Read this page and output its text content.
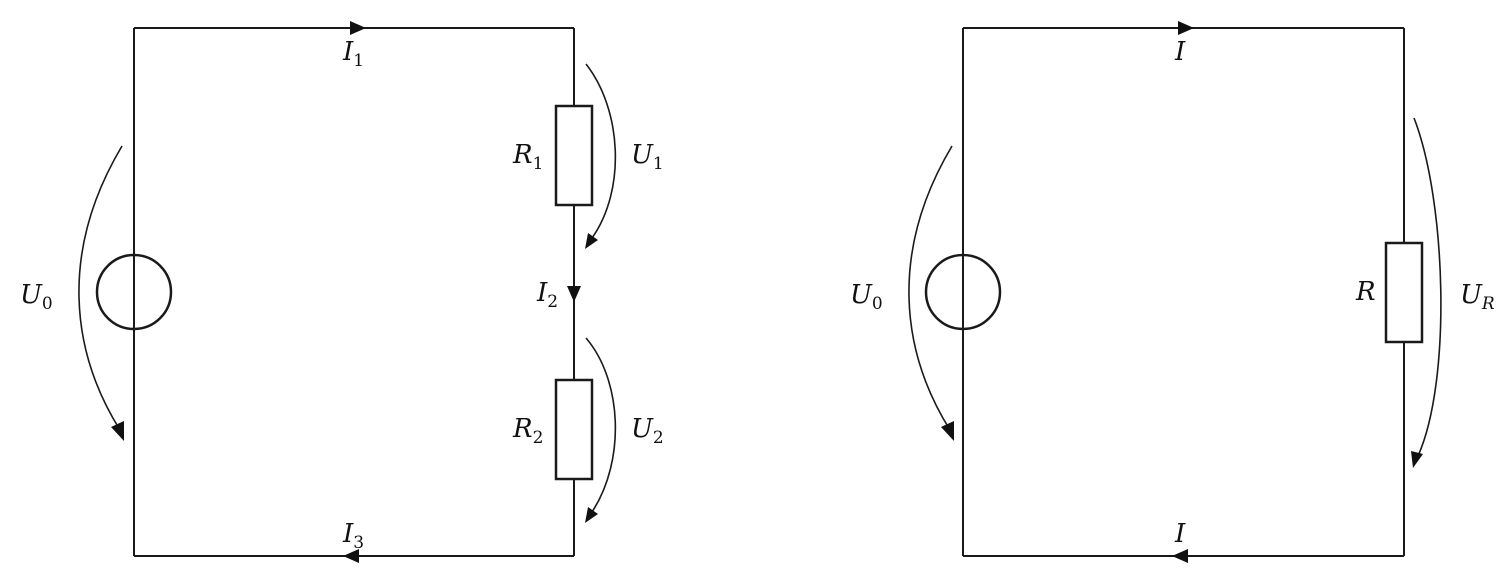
I1
I2
I3
U0
R1
R2
U1
U2
I
I
U0	R	UR
